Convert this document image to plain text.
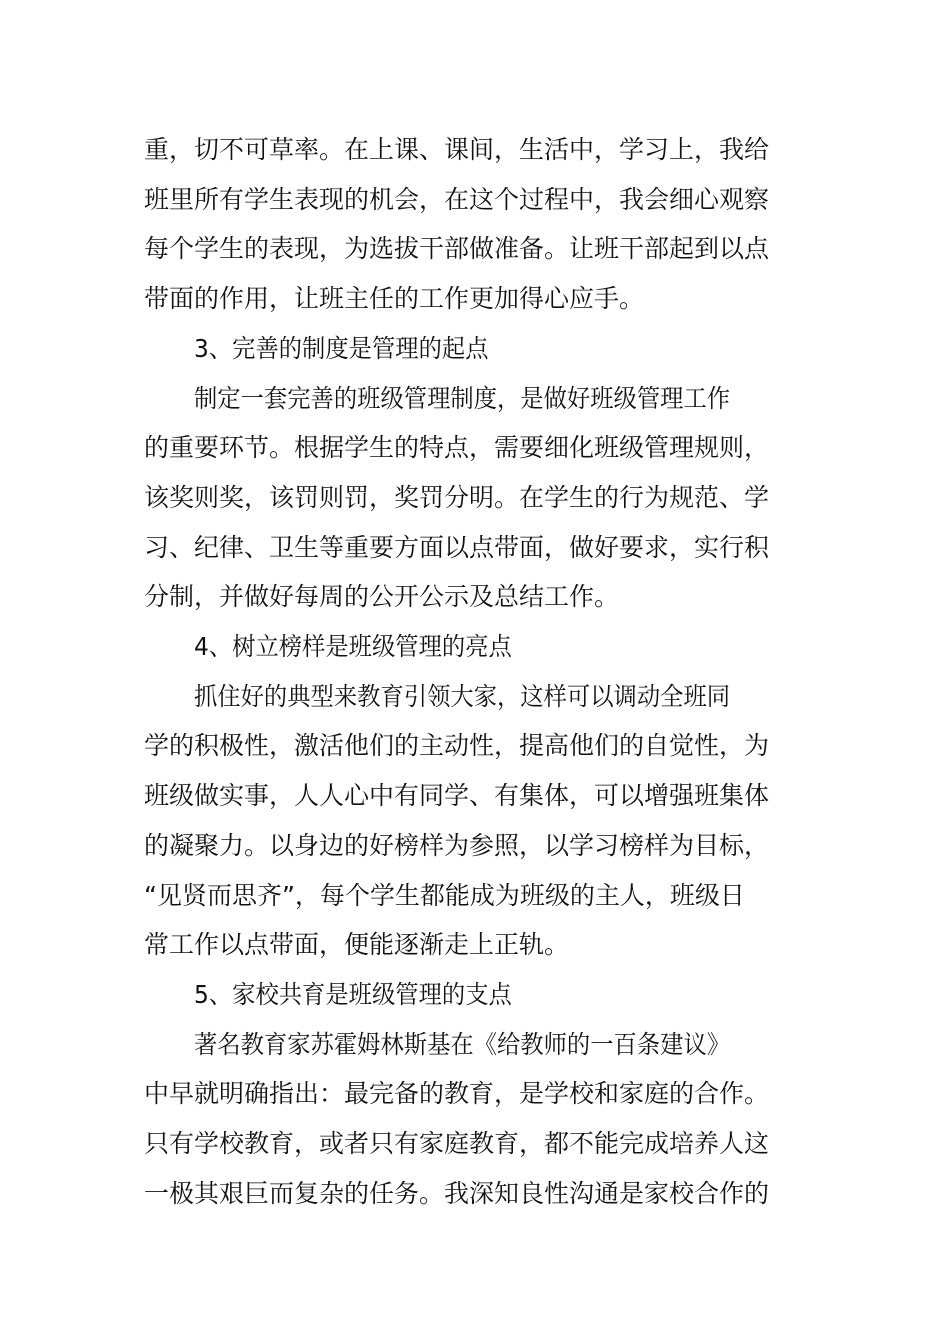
重，切不可草率。在上课、课间，生活中，学习上，我给
班里所有学生表现的机会，在这个过程中，我会细心观察
每个学生的表现，为选拔干部做准备。让班干部起到以点
带面的作用，让班主任的工作更加得心应手。
3、完善的制度是管理的起点
制定一套完善的班级管理制度，是做好班级管理工作
的重要环节。根据学生的特点，需要细化班级管理规则，
该奖则奖，该罚则罚，奖罚分明。在学生的行为规范、学
习、纪律、卫生等重要方面以点带面，做好要求，实行积
分制，并做好每周的公开公示及总结工作。
4、树立榜样是班级管理的亮点
抓住好的典型来教育引领大家，这样可以调动全班同
学的积极性，激活他们的主动性，提高他们的自觉性，为
班级做实事，人人心中有同学、有集体，可以增强班集体
的凝聚力。以身边的好榜样为参照，以学习榜样为目标，
“见贤而思齐”，每个学生都能成为班级的主人，班级日
常工作以点带面，便能逐渐走上正轨。
5、家校共育是班级管理的支点
著名教育家苏霍姆林斯基在《给教师的一百条建议》
中早就明确指出：最完备的教育，是学校和家庭的合作。
只有学校教育，或者只有家庭教育，都不能完成培养人这
一极其艰巨而复杂的任务。我深知良性沟通是家校合作的
